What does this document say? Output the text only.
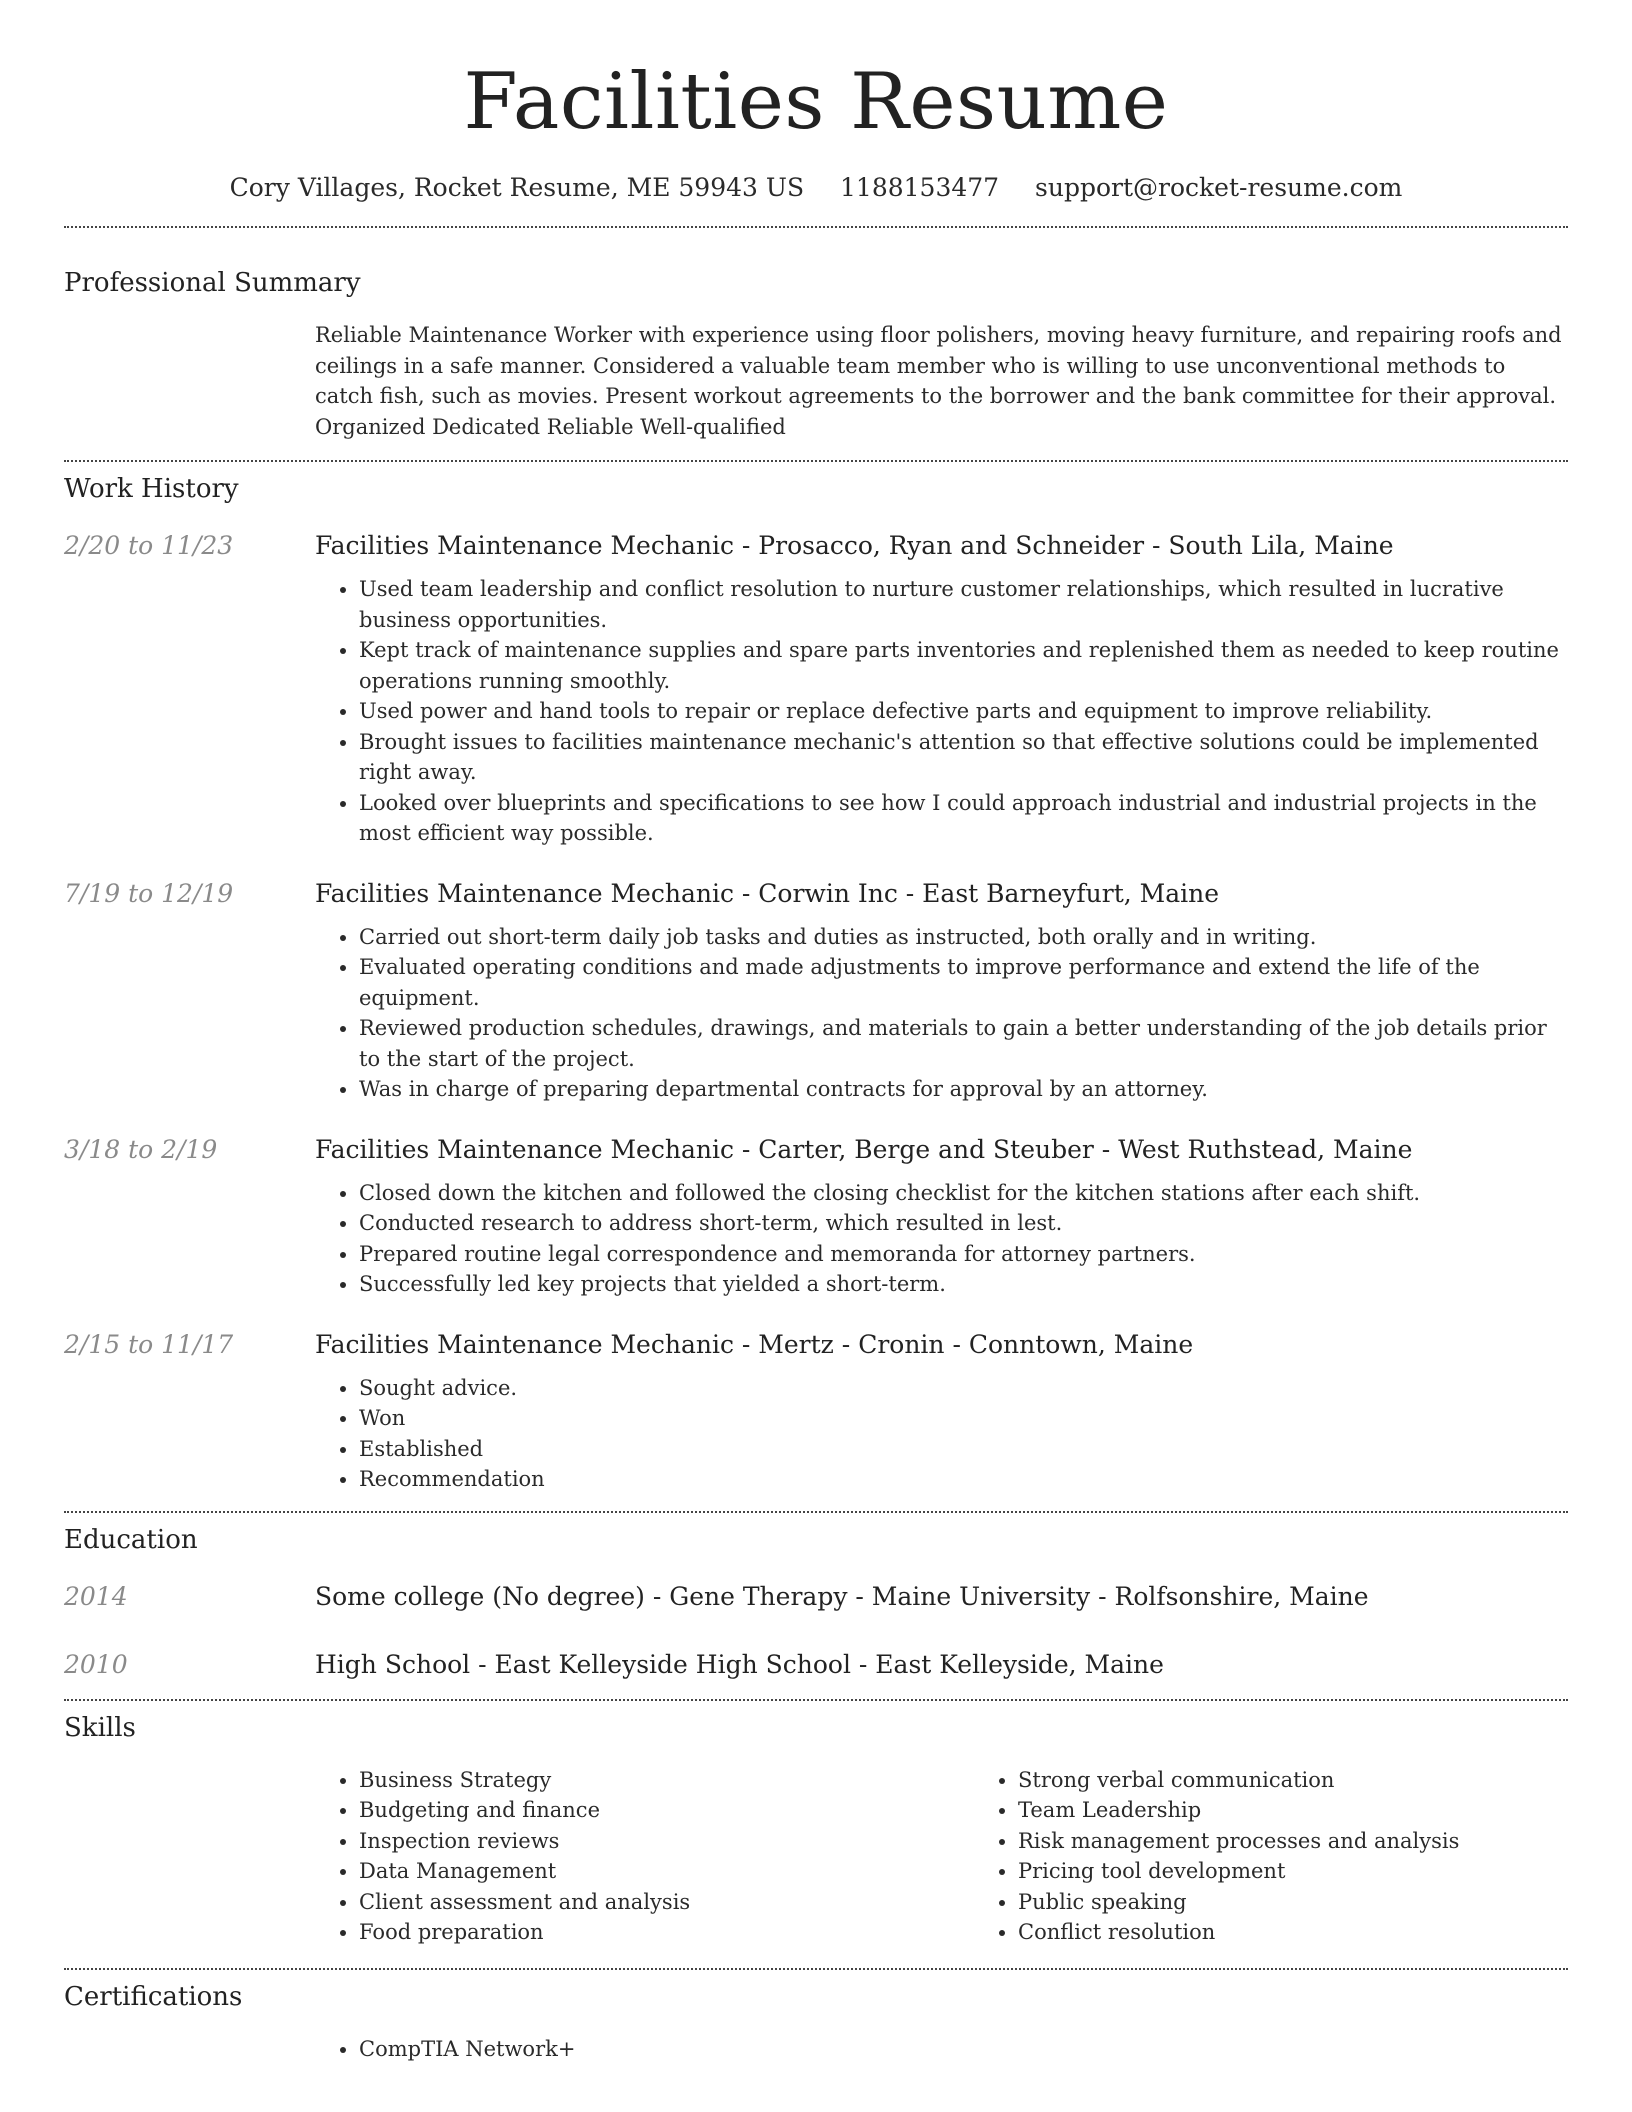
Facilities Resume
Cory Villages, Rocket Resume, ME 59943 US 1188153477 support@rocket-resume.com
Professional Summary
Reliable Maintenance Worker with experience using floor polishers, moving heavy furniture, and repairing roofs and ceilings in a safe manner. Considered a valuable team member who is willing to use unconventional methods to catch fish, such as movies. Present workout agreements to the borrower and the bank committee for their approval. Organized Dedicated Reliable Well-qualified
Work History
2/20 to 11/23	Facilities Maintenance Mechanic - Prosacco, Ryan and Schneider - South Lila, Maine
• Used team leadership and conflict resolution to nurture customer relationships, which resulted in lucrative business opportunities.
• Kept track of maintenance supplies and spare parts inventories and replenished them as needed to keep routine operations running smoothly.
• Used power and hand tools to repair or replace defective parts and equipment to improve reliability.
• Brought issues to facilities maintenance mechanic's attention so that effective solutions could be implemented right away.
• Looked over blueprints and specifications to see how I could approach industrial and industrial projects in the most efficient way possible.
7/19 to 12/19	Facilities Maintenance Mechanic - Corwin Inc - East Barneyfurt, Maine
• Carried out short-term daily job tasks and duties as instructed, both orally and in writing.
• Evaluated operating conditions and made adjustments to improve performance and extend the life of the equipment.
• Reviewed production schedules, drawings, and materials to gain a better understanding of the job details prior to the start of the project.
• Was in charge of preparing departmental contracts for approval by an attorney.
3/18 to 2/19	Facilities Maintenance Mechanic - Carter, Berge and Steuber - West Ruthstead, Maine
• Closed down the kitchen and followed the closing checklist for the kitchen stations after each shift.
• Conducted research to address short-term, which resulted in lest.
• Prepared routine legal correspondence and memoranda for attorney partners.
• Successfully led key projects that yielded a short-term.
2/15 to 11/17	Facilities Maintenance Mechanic - Mertz - Cronin - Conntown, Maine
• Sought advice.
• Won
• Established
• Recommendation
Education
2014	Some college (No degree) - Gene Therapy - Maine University - Rolfsonshire, Maine
2010	High School - East Kelleyside High School - East Kelleyside, Maine
Skills
• Business Strategy
• Budgeting and finance
• Inspection reviews
• Data Management
• Client assessment and analysis
• Food preparation
• Strong verbal communication
• Team Leadership
• Risk management processes and analysis
• Pricing tool development
• Public speaking
• Conflict resolution
Certifications
• CompTIA Network+
